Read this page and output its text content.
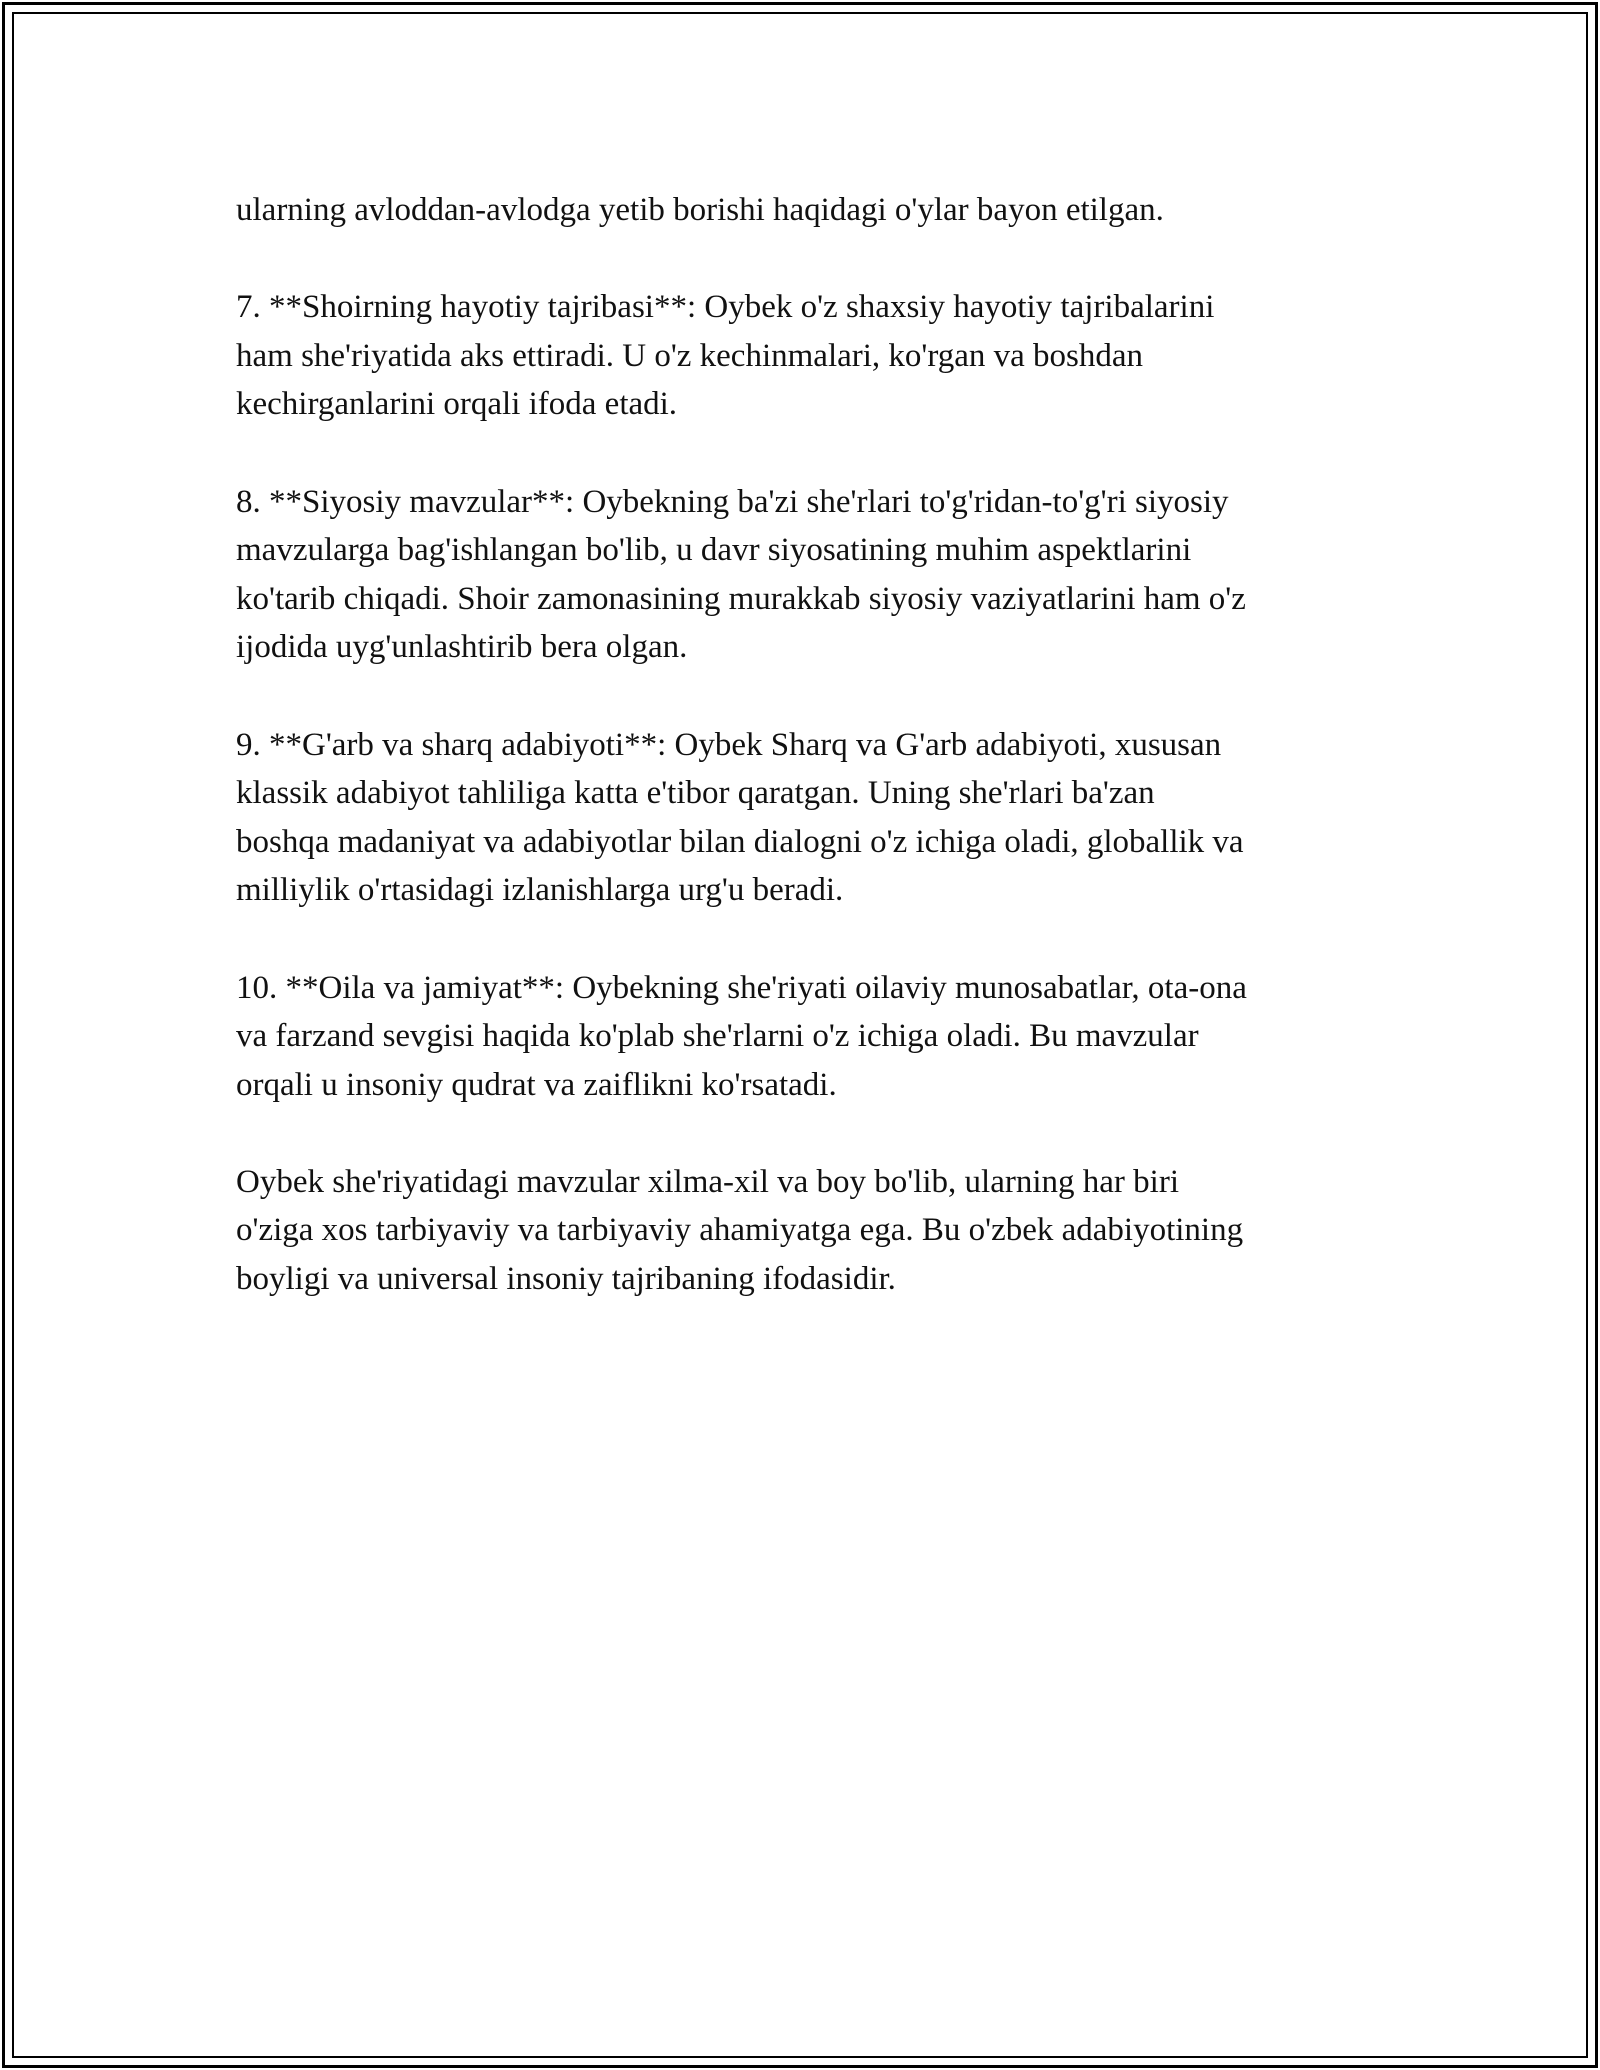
ularning avloddan-avlodga yetib borishi haqidagi o'ylar bayon etilgan.

7. **Shoirning hayotiy tajribasi**: Oybek o'z shaxsiy hayotiy tajribalarini
ham she'riyatida aks ettiradi. U o'z kechinmalari, ko'rgan va boshdan
kechirganlarini orqali ifoda etadi.

8. **Siyosiy mavzular**: Oybekning ba'zi she'rlari to'g'ridan-to'g'ri siyosiy
mavzularga bag'ishlangan bo'lib, u davr siyosatining muhim aspektlarini
ko'tarib chiqadi. Shoir zamonasining murakkab siyosiy vaziyatlarini ham o'z
ijodida uyg'unlashtirib bera olgan.

9. **G'arb va sharq adabiyoti**: Oybek Sharq va G'arb adabiyoti, xususan
klassik adabiyot tahliliga katta e'tibor qaratgan. Uning she'rlari ba'zan
boshqa madaniyat va adabiyotlar bilan dialogni o'z ichiga oladi, globallik va
milliylik o'rtasidagi izlanishlarga urg'u beradi.

10. **Oila va jamiyat**: Oybekning she'riyati oilaviy munosabatlar, ota-ona
va farzand sevgisi haqida ko'plab she'rlarni o'z ichiga oladi. Bu mavzular
orqali u insoniy qudrat va zaiflikni ko'rsatadi.

Oybek she'riyatidagi mavzular xilma-xil va boy bo'lib, ularning har biri
o'ziga xos tarbiyaviy va tarbiyaviy ahamiyatga ega. Bu o'zbek adabiyotining
boyligi va universal insoniy tajribaning ifodasidir.
